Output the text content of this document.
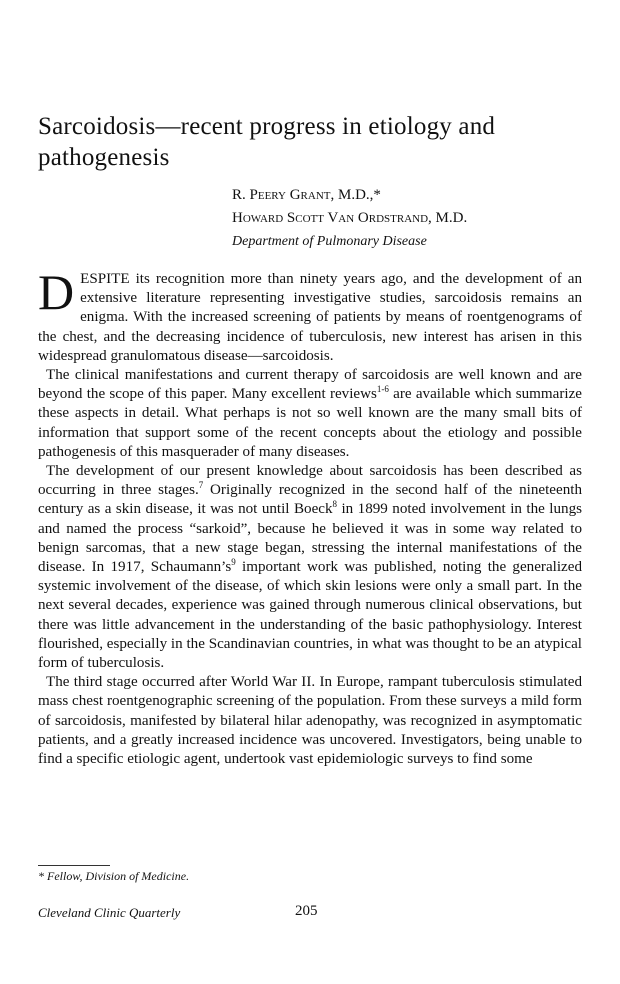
Sarcoidosis—recent progress in etiology and pathogenesis
R. Peery Grant, M.D.,*
Howard Scott Van Ordstrand, M.D.
Department of Pulmonary Disease

DESPITE its recognition more than ninety years ago, and the development of an extensive literature representing investigative studies, sarcoidosis remains an enigma. With the increased screening of patients by means of roentgenograms of the chest, and the decreasing incidence of tuberculosis, new interest has arisen in this widespread granulomatous disease—sarcoidosis.

The clinical manifestations and current therapy of sarcoidosis are well known and are beyond the scope of this paper. Many excellent reviews$^{1-6}$ are available which summarize these aspects in detail. What perhaps is not so well known are the many small bits of information that support some of the recent concepts about the etiology and possible pathogenesis of this masquerader of many diseases.

The development of our present knowledge about sarcoidosis has been described as occurring in three stages.$^7$ Originally recognized in the second half of the nineteenth century as a skin disease, it was not until Boeck$^8$ in 1899 noted involvement in the lungs and named the process “sarkoid”, because he believed it was in some way related to benign sarcomas, that a new stage began, stressing the internal manifestations of the disease. In 1917, $Schaumann’s^9$ important work was published, noting the generalized systemic involvement of the disease, of which skin lesions were only a small part. In the next several decades, experience was gained through numerous clinical observations, but there was little advancement in the understanding of the basic pathophysiology. Interest flourished, especially in the Scandinavian countries, in what was thought to be an atypical form of tuberculosis.

The third stage occurred after World War II. In Europe, rampant tuberculosis stimulated mass chest roentgenographic screening of the population. From these surveys a mild form of sarcoidosis, manifested by bilateral hilar adenopathy, was recognized in asymptomatic patients, and a greatly increased incidence was uncovered. Investigators, being unable to find a specific etiologic agent, undertook vast epidemiologic surveys to find some

* Fellow, Division of Medicine.
Cleveland Clinic Quarterly	205
